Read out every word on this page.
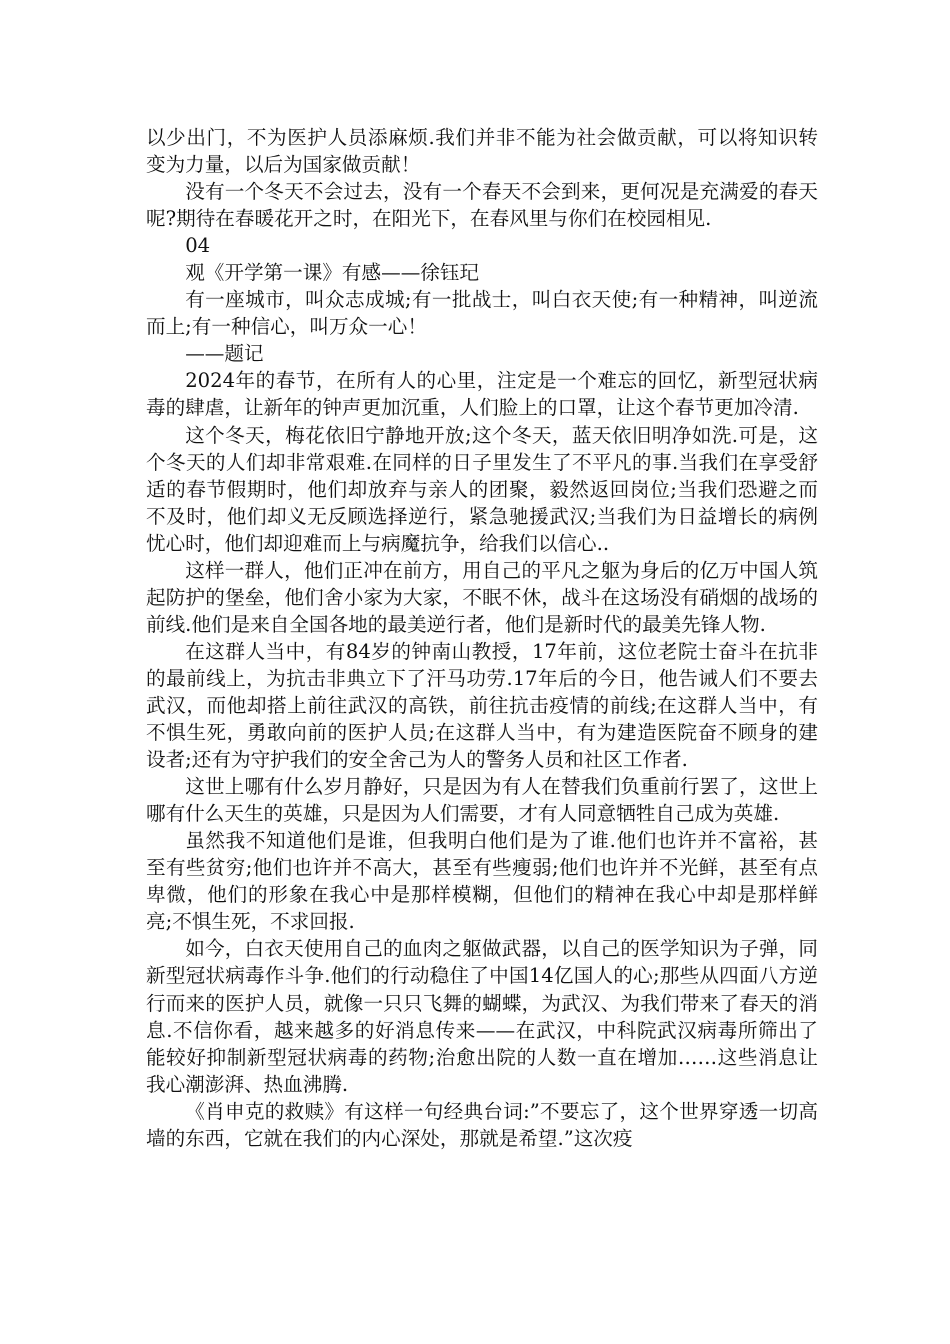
以少出门，不为医护人员添麻烦.我们并非不能为社会做贡献，可以将知识转变为力量，以后为国家做贡献！

没有一个冬天不会过去，没有一个春天不会到来，更何况是充满爱的春天呢?期待在春暖花开之时，在阳光下，在春风里与你们在校园相见.

04

观《开学第一课》有感——徐钰玘

有一座城市，叫众志成城;有一批战士，叫白衣天使;有一种精神，叫逆流而上;有一种信心，叫万众一心！

——题记

2024年的春节，在所有人的心里，注定是一个难忘的回忆，新型冠状病毒的肆虐，让新年的钟声更加沉重，人们脸上的口罩，让这个春节更加冷清.

这个冬天，梅花依旧宁静地开放;这个冬天，蓝天依旧明净如洗.可是，这个冬天的人们却非常艰难.在同样的日子里发生了不平凡的事.当我们在享受舒适的春节假期时，他们却放弃与亲人的团聚，毅然返回岗位;当我们恐避之而不及时，他们却义无反顾选择逆行，紧急驰援武汉;当我们为日益增长的病例忧心时，他们却迎难而上与病魔抗争，给我们以信心..

这样一群人，他们正冲在前方，用自己的平凡之躯为身后的亿万中国人筑起防护的堡垒，他们舍小家为大家，不眠不休，战斗在这场没有硝烟的战场的前线.他们是来自全国各地的最美逆行者，他们是新时代的最美先锋人物.

在这群人当中，有84岁的钟南山教授，17年前，这位老院士奋斗在抗非的最前线上，为抗击非典立下了汗马功劳.17年后的今日，他告诫人们不要去武汉，而他却搭上前往武汉的高铁，前往抗击疫情的前线;在这群人当中，有不惧生死，勇敢向前的医护人员;在这群人当中，有为建造医院奋不顾身的建设者;还有为守护我们的安全舍己为人的警务人员和社区工作者.

这世上哪有什么岁月静好，只是因为有人在替我们负重前行罢了，这世上哪有什么天生的英雄，只是因为人们需要，才有人同意牺牲自己成为英雄.

虽然我不知道他们是谁，但我明白他们是为了谁.他们也许并不富裕，甚至有些贫穷;他们也许并不高大，甚至有些瘦弱;他们也许并不光鲜，甚至有点卑微，他们的形象在我心中是那样模糊，但他们的精神在我心中却是那样鲜亮;不惧生死，不求回报.

如今，白衣天使用自己的血肉之躯做武器，以自己的医学知识为子弹，同新型冠状病毒作斗争.他们的行动稳住了中国14亿国人的心;那些从四面八方逆行而来的医护人员，就像一只只飞舞的蝴蝶，为武汉、为我们带来了春天的消息.不信你看，越来越多的好消息传来——在武汉，中科院武汉病毒所筛出了能较好抑制新型冠状病毒的药物;治愈出院的人数一直在增加……这些消息让我心潮澎湃、热血沸腾.

《肖申克的救赎》有这样一句经典台词:”不要忘了，这个世界穿透一切高墙的东西，它就在我们的内心深处，那就是希望.”这次疫
